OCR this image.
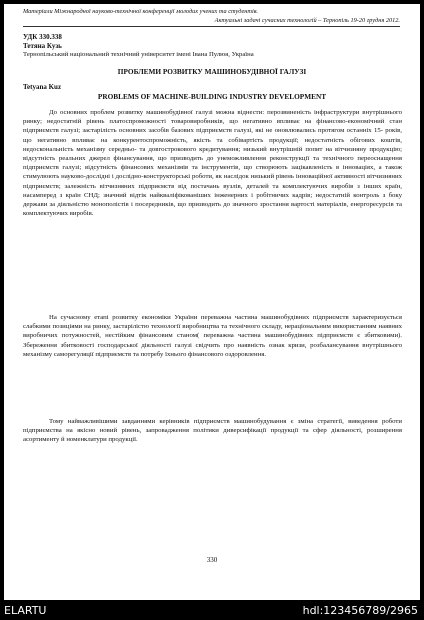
Матеріали Міжнародної науково-технічної конференції молодих учених та студентів.
Актуальні задачі сучасних технологій – Тернопіль 19-20 грудня 2012.
УДК 330.338
Тетяна Кузь
Тернопільський національний технічний університет імені Івана Пулюя, Україна
ПРОБЛЕМИ РОЗВИТКУ МАШИНОБУДІВНОЇ ГАЛУЗІ
Tetyana Kuz
PROBLEMS OF MACHINE-BUILDING INDUSTRY DEVELOPMENT

До основних проблем розвитку машинобудівної галузі можна віднести: перозвиненість інфраструктури внутрішнього ринку; недостатній рівень платоспроможності товаровиробників, що негативно впливає на фінансово-економічний стан підприємств галузі; застарілість основних засобів базових підприємств галузі, які не оновлювались протягом останніх 15- років, що негативно впливає на конкурентоспроможність, якість та собівартість продукції; недостатність обігових коштів, недоскональність механізму середньо- та довгострокового кредитування; низький внутрішній попит на вітчизняну продукцію; відсутність реальних джерел фінансування, що призводить до унеможливлення реконструкції та технічного переоснащення підприємств галузі; відсутність фінансових механізмів та інструментів, що створюють зацікавленість в інноваціях, а також стимулюють науково-дослідні і дослідно-конструкторські роботи, як наслідок низький рівень інноваційної активності вітчизняних підприємств; залежність вітчизняних підприємств від постачань вузлів, деталей та комплектуючих виробів з інших країн, насамперед з країн СНД; значний відтік найкваліфікованіших інженерних і робітничих кадрів; недостатній контроль з боку держави за діяльністю монополістів і посередників, що призводить до значного зростання вартості матеріалів, енергоресурсів та комплектуючих виробів.

На сучасному етапі розвитку економіки України переважна частина машинобудівних підприємств характеризується слабкими позиціями на ринку, застарілістю технології виробництва та технічного складу, нераціональним використанням наявних виробничих потужностей, нестійким фінансовим станом( переважна частина машинобудівних підприємств є збитковими). Збереження збитковості господарської діяльності галузі свідчить про наявність ознак кризи, розбалансування внутрішнього механізму саморегуляції підприємств та потребу їхнього фінансового оздоровлення.

Тому найважливішими завданнями керівників підприємств машинобудування є зміна стратегії, виведення роботи підприємства на якісно новий рівень, запровадження політики диверсифікації продукції та сфер діяльності, розширення асортименту й номенклатури продукції.

330
ELARTU	hdl:123456789/2965
